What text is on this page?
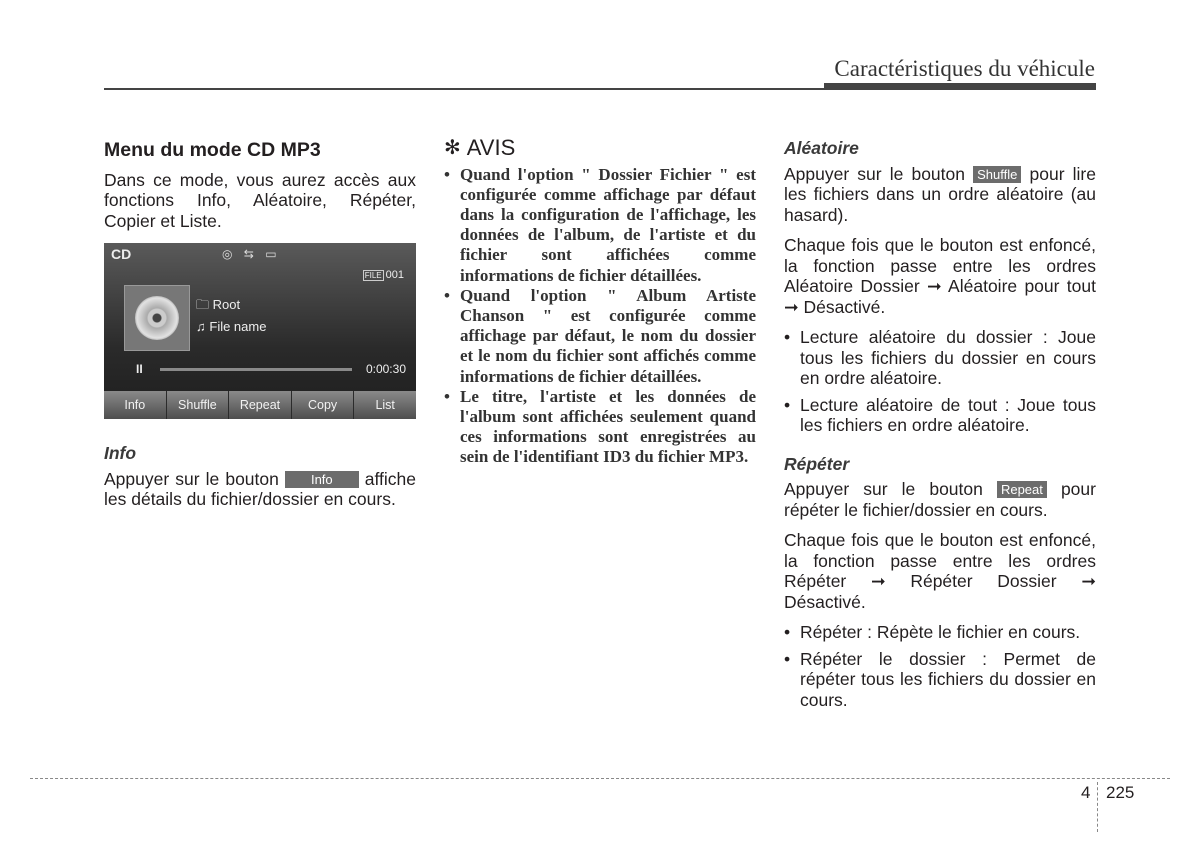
Caractéristiques du véhicule
Menu du mode CD MP3
Dans ce mode, vous aurez accès aux fonctions Info, Aléatoire, Répéter, Copier et Liste.
CD	◎ ⇆ ▭
FILE 001
🗀 Root
♫ File name
II	0:00:30
Info	Shuffle	Repeat	Copy	List
Info
Appuyer sur le bouton Info affiche les détails du fichier/dossier en cours.
✻ AVIS
• Quand l'option " Dossier Fichier " est configurée comme affichage par défaut dans la configuration de l'affichage, les données de l'album, de l'artiste et du fichier sont affichées comme informations de fichier détaillées.
• Quand l'option " Album Artiste Chanson " est configurée comme affichage par défaut, le nom du dossier et le nom du fichier sont affichés comme informations de fichier détaillées.
• Le titre, l'artiste et les données de l'album sont affichées seulement quand ces informations sont enregistrées au sein de l'identifiant ID3 du fichier MP3.
Aléatoire
Appuyer sur le bouton Shuffle pour lire les fichiers dans un ordre aléatoire (au hasard).
Chaque fois que le bouton est enfoncé, la fonction passe entre les ordres Aléatoire Dossier ➞ Aléatoire pour tout ➞ Désactivé.
• Lecture aléatoire du dossier : Joue tous les fichiers du dossier en cours en ordre aléatoire.
• Lecture aléatoire de tout : Joue tous les fichiers en ordre aléatoire.
Répéter
Appuyer sur le bouton Repeat pour répéter le fichier/dossier en cours.
Chaque fois que le bouton est enfoncé, la fonction passe entre les ordres Répéter ➞ Répéter Dossier ➞ Désactivé.
• Répéter : Répète le fichier en cours.
• Répéter le dossier : Permet de répéter tous les fichiers du dossier en cours.
4 225
